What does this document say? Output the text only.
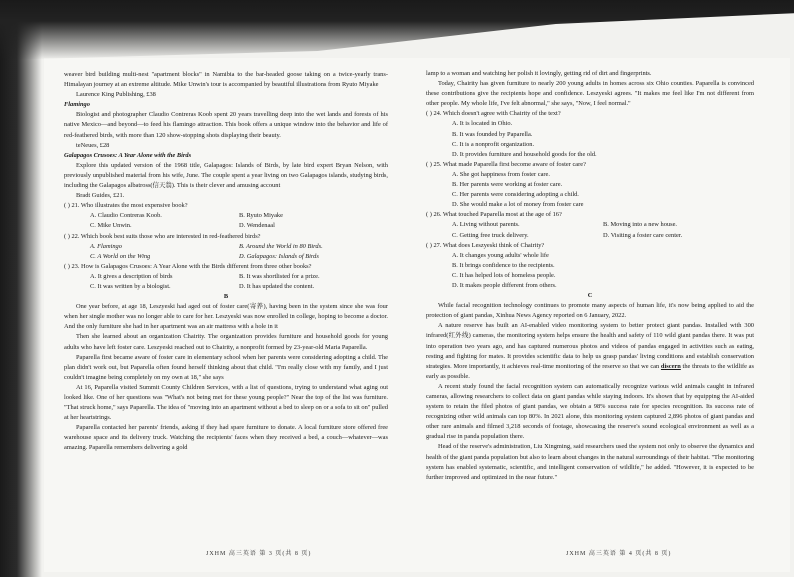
weaver bird building multi-nest "apartment blocks" in Namibia to the bar-headed goose taking on a twice-yearly trans-Himalayan journey at an extreme altitude. Mike Unwin's tour is accompanied by beautiful illustrations from Ryuto Miyake

Laurence King Publishing, £38

Flamingo

Biologist and photographer Claudio Contreras Koob spent 20 years travelling deep into the wet lands and forests of his native Mexico—and beyond—to feed his flamingo attraction. This book offers a unique window into the behavior and life of red-feathered birds, with more than 120 show-stopping shots displaying their beauty.

teNeues, £28

Galapagos Crusoes: A Year Alone with the Birds

Explore this updated version of the 1968 title, Galapagos: Islands of Birds, by late bird expert Bryan Nelson, with previously unpublished material from his wife, June. The couple spent a year living on two Galapagos islands, studying birds, including the Galapagos albatross(信天翁). This is their clever and amusing account

Bradt Guides, £21.

( ) 21. Who illustrates the most expensive book?

A. Claudio Contreras Koob.	B. Ryuto Miyake
C. Mike Unwin.	D. Wendenaal

( ) 22. Which book best suits those who are interested in red-feathered birds?

A. Flamingo	B. Around the World in 80 Birds.
C. A World on the Wing	D. Galapagos: Islands of Birds

( ) 23. How is Galapagos Crusoes: A Year Alone with the Birds different from three other books?

A. It gives a description of birds	B. It was shortlisted for a prize.
C. It was written by a biologist.	D. It has updated the content.

B

One year before, at age 18, Leszyeski had aged out of foster care(寄养), having been in the system since she was four when her single mother was no longer able to care for her. Leszyeski was now enrolled in college, hoping to become a doctor. And the only furniture she had in her apartment was an air mattress with a hole in it

Then she learned about an organization Chairity. The organization provides furniture and household goods for young adults who have left foster care. Leszyeski reached out to Chairity, a nonprofit formed by 23-year-old Maria Paparella.

Paparella first became aware of foster care in elementary school when her parents were considering adopting a child. The plan didn't work out, but Paparella often found herself thinking about that child. "I'm really close with my family, and I just couldn't imagine being completely on my own at 18," she says

At 16, Paparella visited Summit County Children Services, with a list of questions, trying to understand what aging out looked like. One of her questions was "What's not being met for these young people?" Near the top of the list was furniture. "That struck home," says Paparella. The idea of "moving into an apartment without a bed to sleep on or a sofa to sit on" pulled at her heartstrings.

Paparella contacted her parents' friends, asking if they had spare furniture to donate. A local furniture store offered free warehouse space and its delivery truck. Watching the recipients' faces when they received a bed, a couch—whatever—was amazing. Paparella remembers delivering a gold

lamp to a woman and watching her polish it lovingly, getting rid of dirt and fingerprints.

Today, Chairity has given furniture to nearly 200 young adults in homes across six Ohio counties. Paparella is convinced these contributions give the recipients hope and confidence. Leszyeski agrees. "It makes me feel like I'm not different from other people. My whole life, I've felt abnormal," she says, "Now, I feel normal."

( ) 24. Which doesn't agree with Chairity of the text?

A. It is located in Ohio.

B. It was founded by Paparella.

C. It is a nonprofit organization.

D. It provides furniture and household goods for the old.

( ) 25. What made Paparella first become aware of foster care?

A. She got happiness from foster care.

B. Her parents were working at foster care.

C. Her parents were considering adopting a child.

D. She would make a lot of money from foster care

( ) 26. What touched Paparella most at the age of 16?

A. Living without parents.	B. Moving into a new house.
C. Getting free truck delivery.	D. Visiting a foster care center.

( ) 27. What does Leszyeski think of Chairity?

A. It changes young adults' whole life

B. It brings confidence to the recipients.

C. It has helped lots of homeless people.

D. It makes people different from others.

C

While facial recognition technology continues to promote many aspects of human life, it's now being applied to aid the protection of giant pandas, Xinhua News Agency reported on 6 January, 2022.

A nature reserve has built an AI-enabled video monitoring system to better protect giant pandas. Installed with 300 infrared(红外线) cameras, the monitoring system helps ensure the health and safety of 110 wild giant pandas there. It was put into operation two years ago, and has captured numerous photos and videos of pandas engaged in activities such as eating, resting and fighting for mates. It provides scientific data to help us grasp pandas' living conditions and establish conservation strategies. More importantly, it achieves real-time monitoring of the reserve so that we can discern the threats to the wildlife as early as possible.

A recent study found the facial recognition system can automatically recognize various wild animals caught in infrared cameras, allowing researchers to collect data on giant pandas while staying indoors. It's shown that by equipping the AI-aided system to retain the filed photos of giant pandas, we obtain a 98% success rate for species recognition. Its success rate of recognizing other wild animals can top 80%. In 2021 alone, this monitoring system captured 2,896 photos of giant pandas and other rare animals and filmed 3,218 seconds of footage, showcasing the reserve's sound ecological environment as well as a gradual rise in panda population there.

Head of the reserve's administration, Liu Xingming, said researchers used the system not only to observe the dynamics and health of the giant panda population but also to learn about changes in the natural surroundings of their habitat. "The monitoring system has enabled systematic, scientific, and intelligent conservation of wildlife," he added. "However, it is expected to be further improved and optimized in the near future."

JXHM 高三英语 第 3 页(共 8 页)	JXHM 高三英语 第 4 页(共 8 页)
